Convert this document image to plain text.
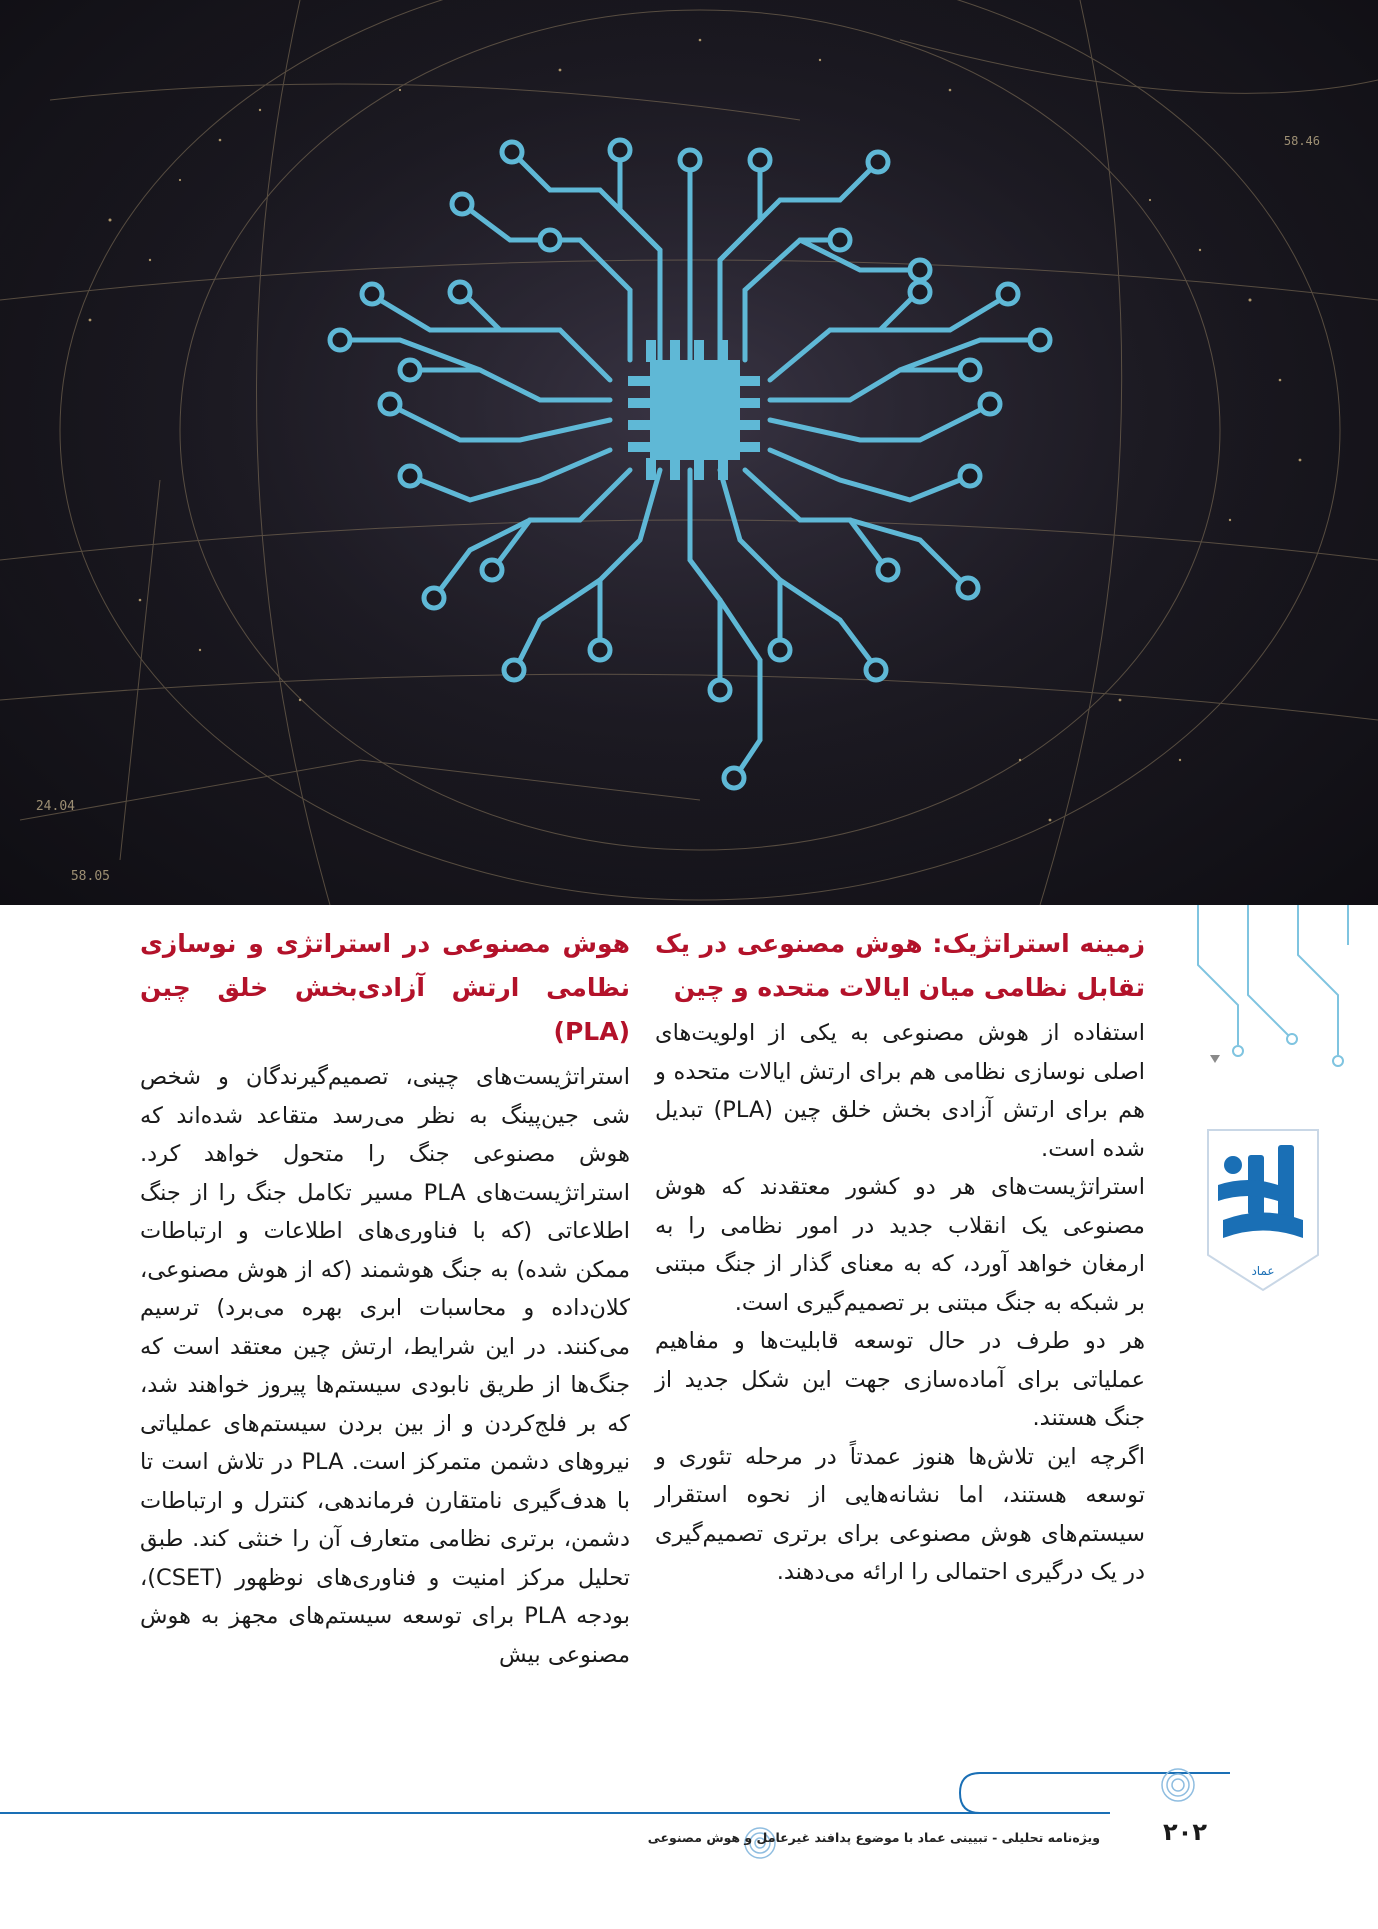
24.04
58.05
58.46
عماد
زمینه استراتژیک: هوش مصنوعی در یک تقابل نظامی میان ایالات متحده و چین

استفاده از هوش مصنوعی به یکی از اولویت‌های اصلی نوسازی نظامی هم برای ارتش ایالات متحده و هم برای ارتش آزادی بخش خلق چین (PLA) تبدیل شده است.

استراتژیست‌های هر دو کشور معتقدند که هوش مصنوعی یک انقلاب جدید در امور نظامی را به ارمغان خواهد آورد، که به معنای گذار از جنگ مبتنی بر شبکه به جنگ مبتنی بر تصمیم‌گیری است.

هر دو طرف در حال توسعه قابلیت‌ها و مفاهیم عملیاتی برای آماده‌سازی جهت این شکل جدید از جنگ هستند.

اگرچه این تلاش‌ها هنوز عمدتاً در مرحله تئوری و توسعه هستند، اما نشانه‌هایی از نحوه استقرار سیستم‌های هوش مصنوعی برای برتری تصمیم‌گیری در یک درگیری احتمالی را ارائه می‌دهند.

هوش مصنوعی در استراتژی و نوسازی نظامی ارتش آزادی‌بخش خلق چین (PLA)

استراتژیست‌های چینی، تصمیم‌گیرندگان و شخص شی جین‌پینگ به نظر می‌رسد متقاعد شده‌اند که هوش مصنوعی جنگ را متحول خواهد کرد. استراتژیست‌های PLA مسیر تکامل جنگ را از جنگ اطلاعاتی (که با فناوری‌های اطلاعات و ارتباطات ممکن شده) به جنگ هوشمند (که از هوش مصنوعی، کلان‌داده و محاسبات ابری بهره می‌برد) ترسیم می‌کنند. در این شرایط، ارتش چین معتقد است که جنگ‌ها از طریق نابودی سیستم‌ها پیروز خواهند شد، که بر فلج‌کردن و از بین بردن سیستم‌های عملیاتی نیروهای دشمن متمرکز است. PLA در تلاش است تا با هدف‌گیری نامتقارن فرماندهی، کنترل و ارتباطات دشمن، برتری نظامی متعارف آن را خنثی کند. طبق تحلیل مرکز امنیت و فناوری‌های نوظهور (CSET)، بودجه PLA برای توسعه سیستم‌های مجهز به هوش مصنوعی بیش

ویژه‌نامه تحلیلی - تبیینی عماد با موضوع پدافند غیرعامل و هوش مصنوعی	۲۰۲
